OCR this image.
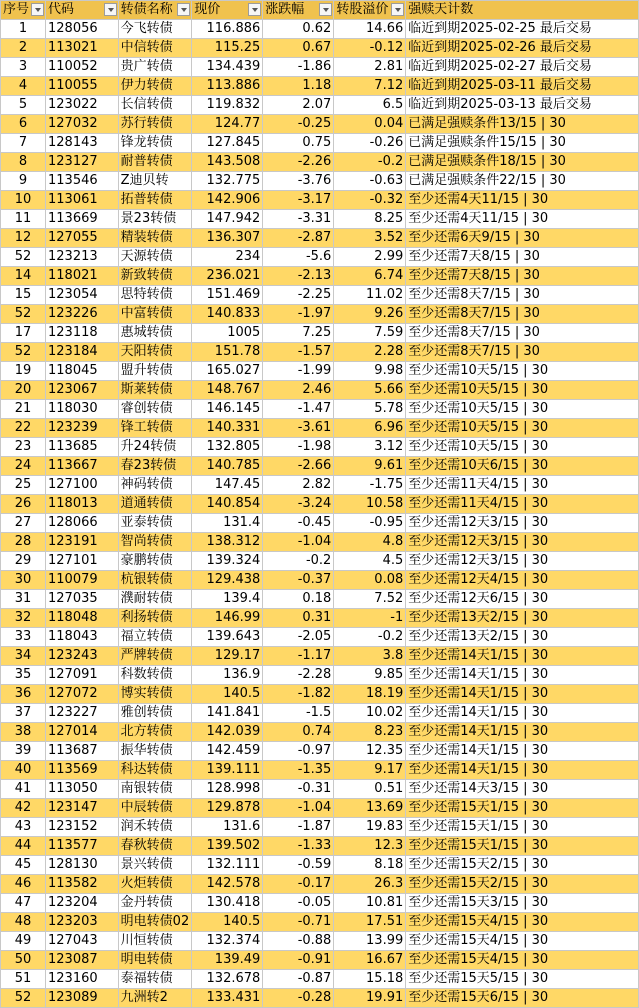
序号	代码	转债名称	现价	涨跌幅	转股溢价	强赎天计数
1	128056	今飞转债	116.886	0.62	14.66	临近到期2025-02-25 最后交易
2	113021	中信转债	115.25	0.67	-0.12	临近到期2025-02-26 最后交易
3	110052	贵广转债	134.439	-1.86	2.81	临近到期2025-02-27 最后交易
4	110055	伊力转债	113.886	1.18	7.12	临近到期2025-03-11 最后交易
5	123022	长信转债	119.832	2.07	6.5	临近到期2025-03-13 最后交易
6	127032	苏行转债	124.77	-0.25	0.04	已满足强赎条件13/15 | 30
7	128143	锋龙转债	127.845	0.75	-0.26	已满足强赎条件15/15 | 30
8	123127	耐普转债	143.508	-2.26	-0.2	已满足强赎条件18/15 | 30
9	113546	Z迪贝转	132.775	-3.76	-0.63	已满足强赎条件22/15 | 30
10	113061	拓普转债	142.906	-3.17	-0.32	至少还需4天11/15 | 30
11	113669	景23转债	147.942	-3.31	8.25	至少还需4天11/15 | 30
12	127055	精装转债	136.307	-2.87	3.52	至少还需6天9/15 | 30
52	123213	天源转债	234	-5.6	2.99	至少还需7天8/15 | 30
14	118021	新致转债	236.021	-2.13	6.74	至少还需7天8/15 | 30
15	123054	思特转债	151.469	-2.25	11.02	至少还需8天7/15 | 30
52	123226	中富转债	140.833	-1.97	9.26	至少还需8天7/15 | 30
17	123118	惠城转债	1005	7.25	7.59	至少还需8天7/15 | 30
52	123184	天阳转债	151.78	-1.57	2.28	至少还需8天7/15 | 30
19	118045	盟升转债	165.027	-1.99	9.98	至少还需10天5/15 | 30
20	123067	斯莱转债	148.767	2.46	5.66	至少还需10天5/15 | 30
21	118030	睿创转债	146.145	-1.47	5.78	至少还需10天5/15 | 30
22	123239	锋工转债	140.331	-3.61	6.96	至少还需10天5/15 | 30
23	113685	升24转债	132.805	-1.98	3.12	至少还需10天5/15 | 30
24	113667	春23转债	140.785	-2.66	9.61	至少还需10天6/15 | 30
25	127100	神码转债	147.45	2.82	-1.75	至少还需11天4/15 | 30
26	118013	道通转债	140.854	-3.24	10.58	至少还需11天4/15 | 30
27	128066	亚泰转债	131.4	-0.45	-0.95	至少还需12天3/15 | 30
28	123191	智尚转债	138.312	-1.04	4.8	至少还需12天3/15 | 30
29	127101	豪鹏转债	139.324	-0.2	4.5	至少还需12天3/15 | 30
30	110079	杭银转债	129.438	-0.37	0.08	至少还需12天4/15 | 30
31	127035	濮耐转债	139.4	0.18	7.52	至少还需12天6/15 | 30
32	118048	利扬转债	146.99	0.31	-1	至少还需13天2/15 | 30
33	118043	福立转债	139.643	-2.05	-0.2	至少还需13天2/15 | 30
34	123243	严牌转债	129.17	-1.17	3.8	至少还需14天1/15 | 30
35	127091	科数转债	136.9	-2.28	9.85	至少还需14天1/15 | 30
36	127072	博实转债	140.5	-1.82	18.19	至少还需14天1/15 | 30
37	123227	雅创转债	141.841	-1.5	10.02	至少还需14天1/15 | 30
38	127014	北方转债	142.039	0.74	8.23	至少还需14天1/15 | 30
39	113687	振华转债	142.459	-0.97	12.35	至少还需14天1/15 | 30
40	113569	科达转债	139.111	-1.35	9.17	至少还需14天1/15 | 30
41	113050	南银转债	128.998	-0.31	0.51	至少还需14天3/15 | 30
42	123147	中辰转债	129.878	-1.04	13.69	至少还需15天1/15 | 30
43	123152	润禾转债	131.6	-1.87	19.83	至少还需15天1/15 | 30
44	113577	春秋转债	139.502	-1.33	12.3	至少还需15天1/15 | 30
45	128130	景兴转债	132.111	-0.59	8.18	至少还需15天2/15 | 30
46	113582	火炬转债	142.578	-0.17	26.3	至少还需15天2/15 | 30
47	123204	金丹转债	130.418	-0.05	10.81	至少还需15天3/15 | 30
48	123203	明电转债02	140.5	-0.71	17.51	至少还需15天4/15 | 30
49	127043	川恒转债	132.374	-0.88	13.99	至少还需15天4/15 | 30
50	123087	明电转债	139.49	-0.91	16.67	至少还需15天4/15 | 30
51	123160	泰福转债	132.678	-0.87	15.18	至少还需15天5/15 | 30
52	123089	九洲转2	133.431	-0.28	19.91	至少还需15天6/15 | 30
